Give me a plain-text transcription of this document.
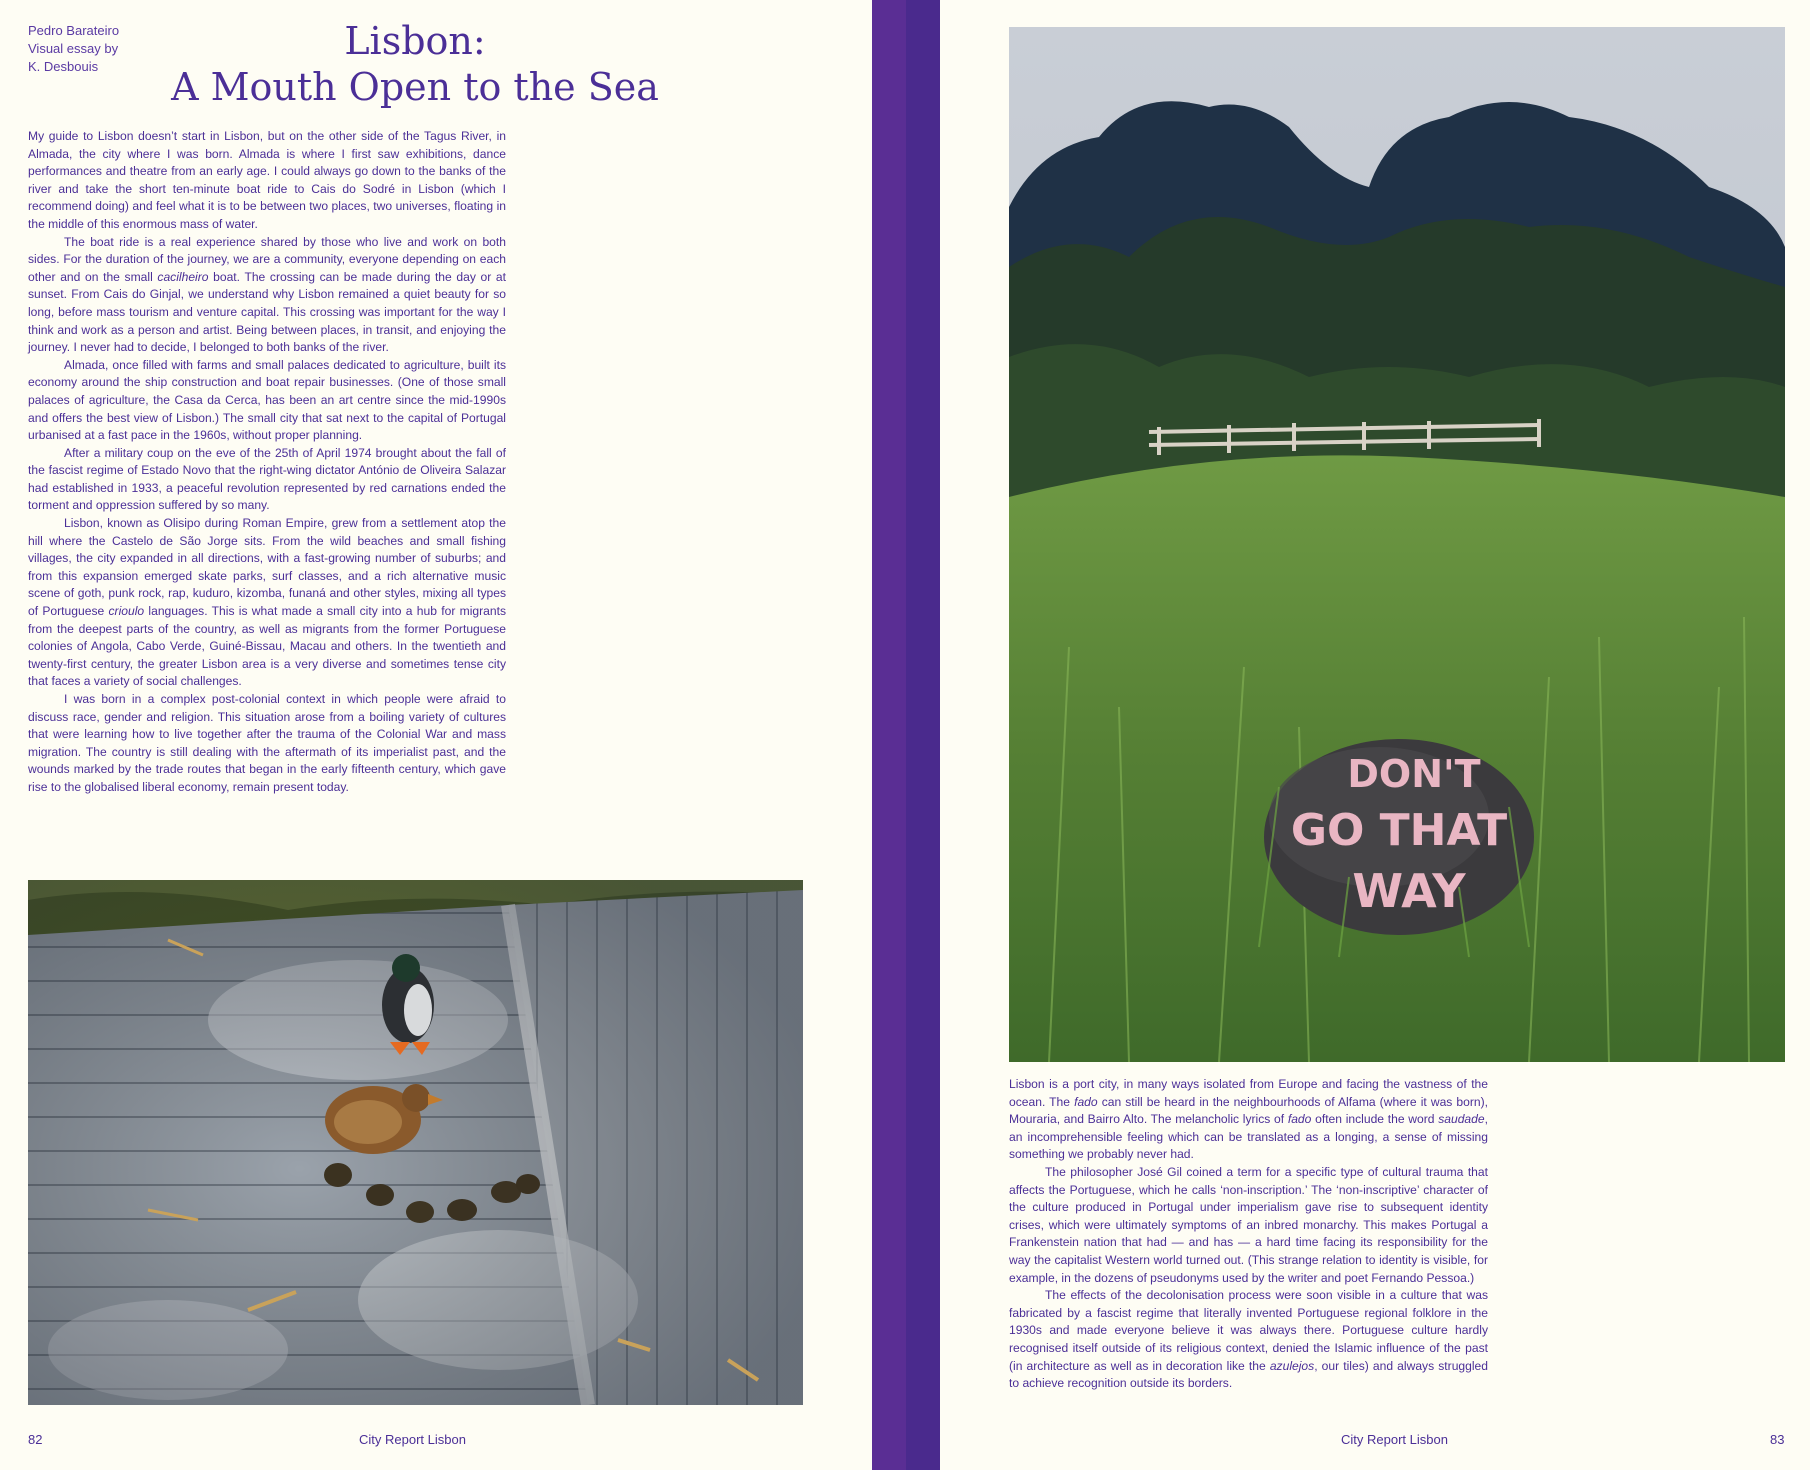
Pedro Barateiro
Visual essay by
K. Desbouis
Lisbon:
A Mouth Open to the Sea

My guide to Lisbon doesn’t start in Lisbon, but on the other side of the Tagus River, in Almada, the city where I was born. Almada is where I first saw exhibitions, dance performances and theatre from an early age. I could always go down to the banks of the river and take the short ten-minute boat ride to Cais do Sodré in Lisbon (which I recommend doing) and feel what it is to be between two places, two universes, floating in the middle of this enormous mass of water.

The boat ride is a real experience shared by those who live and work on both sides. For the duration of the journey, we are a community, everyone depending on each other and on the small cacilheiro boat. The crossing can be made during the day or at sunset. From Cais do Ginjal, we understand why Lisbon remained a quiet beauty for so long, before mass tourism and venture capital. This crossing was important for the way I think and work as a person and artist. Being between places, in transit, and enjoying the journey. I never had to decide, I belonged to both banks of the river.

Almada, once filled with farms and small palaces dedicated to agriculture, built its economy around the ship construction and boat repair businesses. (One of those small palaces of agriculture, the Casa da Cerca, has been an art centre since the mid-1990s and offers the best view of Lisbon.) The small city that sat next to the capital of Portugal urbanised at a fast pace in the 1960s, without proper planning.

After a military coup on the eve of the 25th of April 1974 brought about the fall of the fascist regime of Estado Novo that the right-wing dictator António de Oliveira Salazar had established in 1933, a peaceful revolution represented by red carnations ended the torment and oppression suffered by so many.

Lisbon, known as Olisipo during Roman Empire, grew from a settlement atop the hill where the Castelo de São Jorge sits. From the wild beaches and small fishing villages, the city expanded in all directions, with a fast-growing number of suburbs; and from this expansion emerged skate parks, surf classes, and a rich alternative music scene of goth, punk rock, rap, kuduro, kizomba, funaná and other styles, mixing all types of Portuguese crioulo languages. This is what made a small city into a hub for migrants from the deepest parts of the country, as well as migrants from the former Portuguese colonies of Angola, Cabo Verde, Guiné-Bissau, Macau and others. In the twentieth and twenty-first century, the greater Lisbon area is a very diverse and sometimes tense city that faces a variety of social challenges.

I was born in a complex post-colonial context in which people were afraid to discuss race, gender and religion. This situation arose from a boiling variety of cultures that were learning how to live together after the trauma of the Colonial War and mass migration. The country is still dealing with the aftermath of its imperialist past, and the wounds marked by the trade routes that began in the early fifteenth century, which gave rise to the globalised liberal economy, remain present today.

82	City Report Lisbon
DON'T
GO THAT
WAY

Lisbon is a port city, in many ways isolated from Europe and facing the vastness of the ocean. The fado can still be heard in the neighbourhoods of Alfama (where it was born), Mouraria, and Bairro Alto. The melancholic lyrics of fado often include the word saudade, an incomprehensible feeling which can be translated as a longing, a sense of missing something we probably never had.

The philosopher José Gil coined a term for a specific type of cultural trauma that affects the Portuguese, which he calls ‘non-inscription.’ The ‘non-inscriptive’ character of the culture produced in Portugal under imperialism gave rise to subsequent identity crises, which were ultimately symptoms of an inbred monarchy. This makes Portugal a Frankenstein nation that had — and has — a hard time facing its responsibility for the way the capitalist Western world turned out. (This strange relation to identity is visible, for example, in the dozens of pseudonyms used by the writer and poet Fernando Pessoa.)

The effects of the decolonisation process were soon visible in a culture that was fabricated by a fascist regime that literally invented Portuguese regional folklore in the 1930s and made everyone believe it was always there. Portuguese culture hardly recognised itself outside of its religious context, denied the Islamic influence of the past (in architecture as well as in decoration like the azulejos, our tiles) and always struggled to achieve recognition outside its borders.

City Report Lisbon	83
